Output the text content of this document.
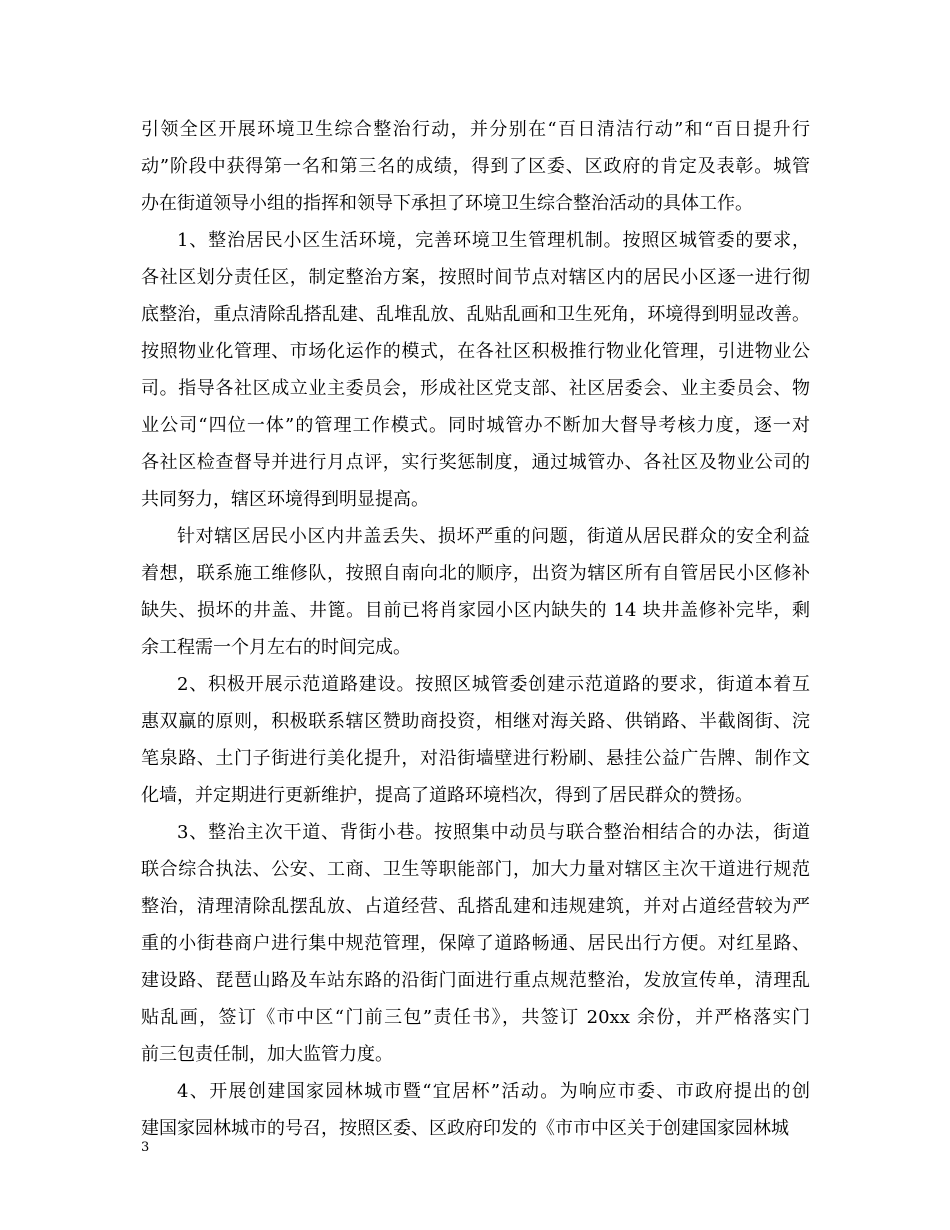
引领全区开展环境卫生综合整治行动，并分别在“百日清洁行动”和“百日提升行
动”阶段中获得第一名和第三名的成绩，得到了区委、区政府的肯定及表彰。城管
办在街道领导小组的指挥和领导下承担了环境卫生综合整治活动的具体工作。
1、整治居民小区生活环境，完善环境卫生管理机制。按照区城管委的要求，
各社区划分责任区，制定整治方案，按照时间节点对辖区内的居民小区逐一进行彻
底整治，重点清除乱搭乱建、乱堆乱放、乱贴乱画和卫生死角，环境得到明显改善。
按照物业化管理、市场化运作的模式，在各社区积极推行物业化管理，引进物业公
司。指导各社区成立业主委员会，形成社区党支部、社区居委会、业主委员会、物
业公司“四位一体”的管理工作模式。同时城管办不断加大督导考核力度，逐一对
各社区检查督导并进行月点评，实行奖惩制度，通过城管办、各社区及物业公司的
共同努力，辖区环境得到明显提高。
针对辖区居民小区内井盖丢失、损坏严重的问题，街道从居民群众的安全利益
着想，联系施工维修队，按照自南向北的顺序，出资为辖区所有自管居民小区修补
缺失、损坏的井盖、井篦。目前已将肖家园小区内缺失的 14 块井盖修补完毕，剩
余工程需一个月左右的时间完成。
2、积极开展示范道路建设。按照区城管委创建示范道路的要求，街道本着互
惠双赢的原则，积极联系辖区赞助商投资，相继对海关路、供销路、半截阁街、浣
笔泉路、土门子街进行美化提升，对沿街墙壁进行粉刷、悬挂公益广告牌、制作文
化墙，并定期进行更新维护，提高了道路环境档次，得到了居民群众的赞扬。
3、整治主次干道、背街小巷。按照集中动员与联合整治相结合的办法，街道
联合综合执法、公安、工商、卫生等职能部门，加大力量对辖区主次干道进行规范
整治，清理清除乱摆乱放、占道经营、乱搭乱建和违规建筑，并对占道经营较为严
重的小街巷商户进行集中规范管理，保障了道路畅通、居民出行方便。对红星路、
建设路、琵琶山路及车站东路的沿街门面进行重点规范整治，发放宣传单，清理乱
贴乱画，签订《市中区“门前三包”责任书》，共签订 20xx 余份，并严格落实门
前三包责任制，加大监管力度。
4、开展创建国家园林城市暨“宜居杯”活动。为响应市委、市政府提出的创
建国家园林城市的号召，按照区委、区政府印发的《市市中区关于创建国家园林城
3
